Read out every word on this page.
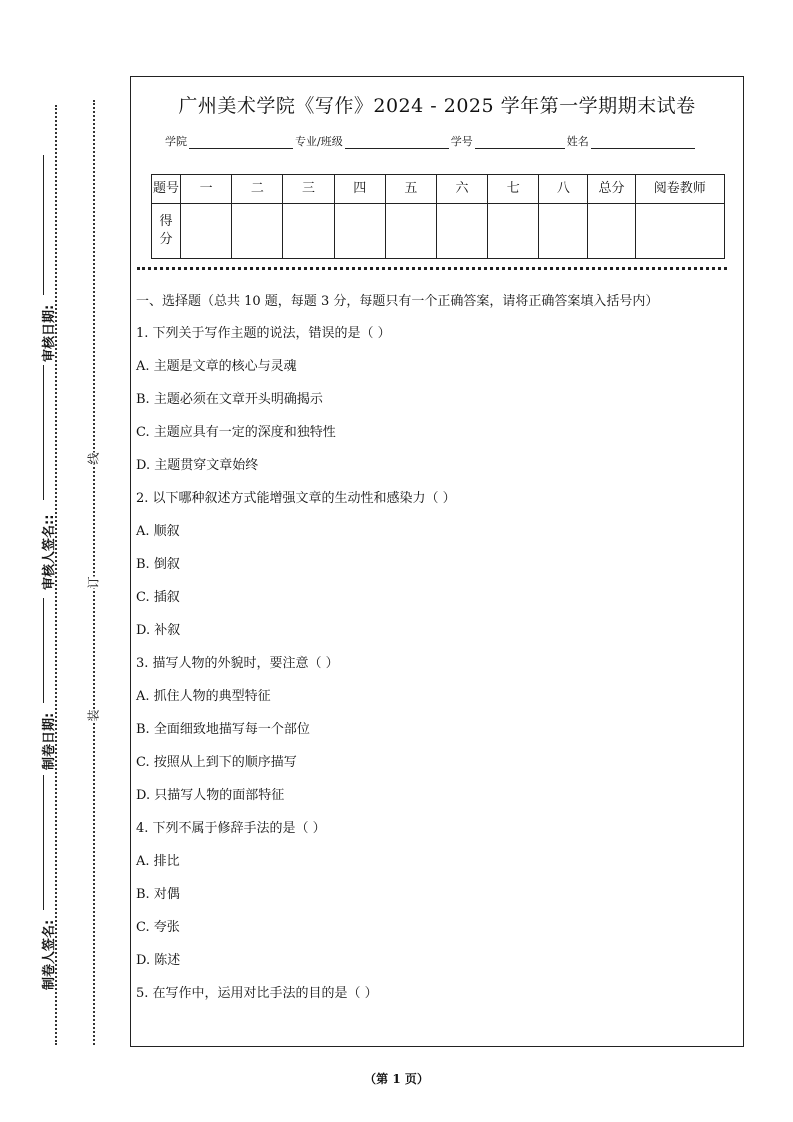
审核日期:
审核人签名::
制卷日期:
制卷人签名:
线
订
装
广州美术学院《写作》2024 - 2025 学年第一学期期末试卷
学院	专业/班级	学号	姓名
题号	一	二	三	四	五	六	七	八	总分	阅卷教师
得分										

一、选择题（总共 10 题，每题 3 分，每题只有一个正确答案，请将正确答案填入括号内）

1. 下列关于写作主题的说法，错误的是（ ）

A. 主题是文章的核心与灵魂

B. 主题必须在文章开头明确揭示

C. 主题应具有一定的深度和独特性

D. 主题贯穿文章始终

2. 以下哪种叙述方式能增强文章的生动性和感染力（ ）

A. 顺叙

B. 倒叙

C. 插叙

D. 补叙

3. 描写人物的外貌时，要注意（ ）

A. 抓住人物的典型特征

B. 全面细致地描写每一个部位

C. 按照从上到下的顺序描写

D. 只描写人物的面部特征

4. 下列不属于修辞手法的是（ ）

A. 排比

B. 对偶

C. 夸张

D. 陈述

5. 在写作中，运用对比手法的目的是（ ）

（第 1 页）
